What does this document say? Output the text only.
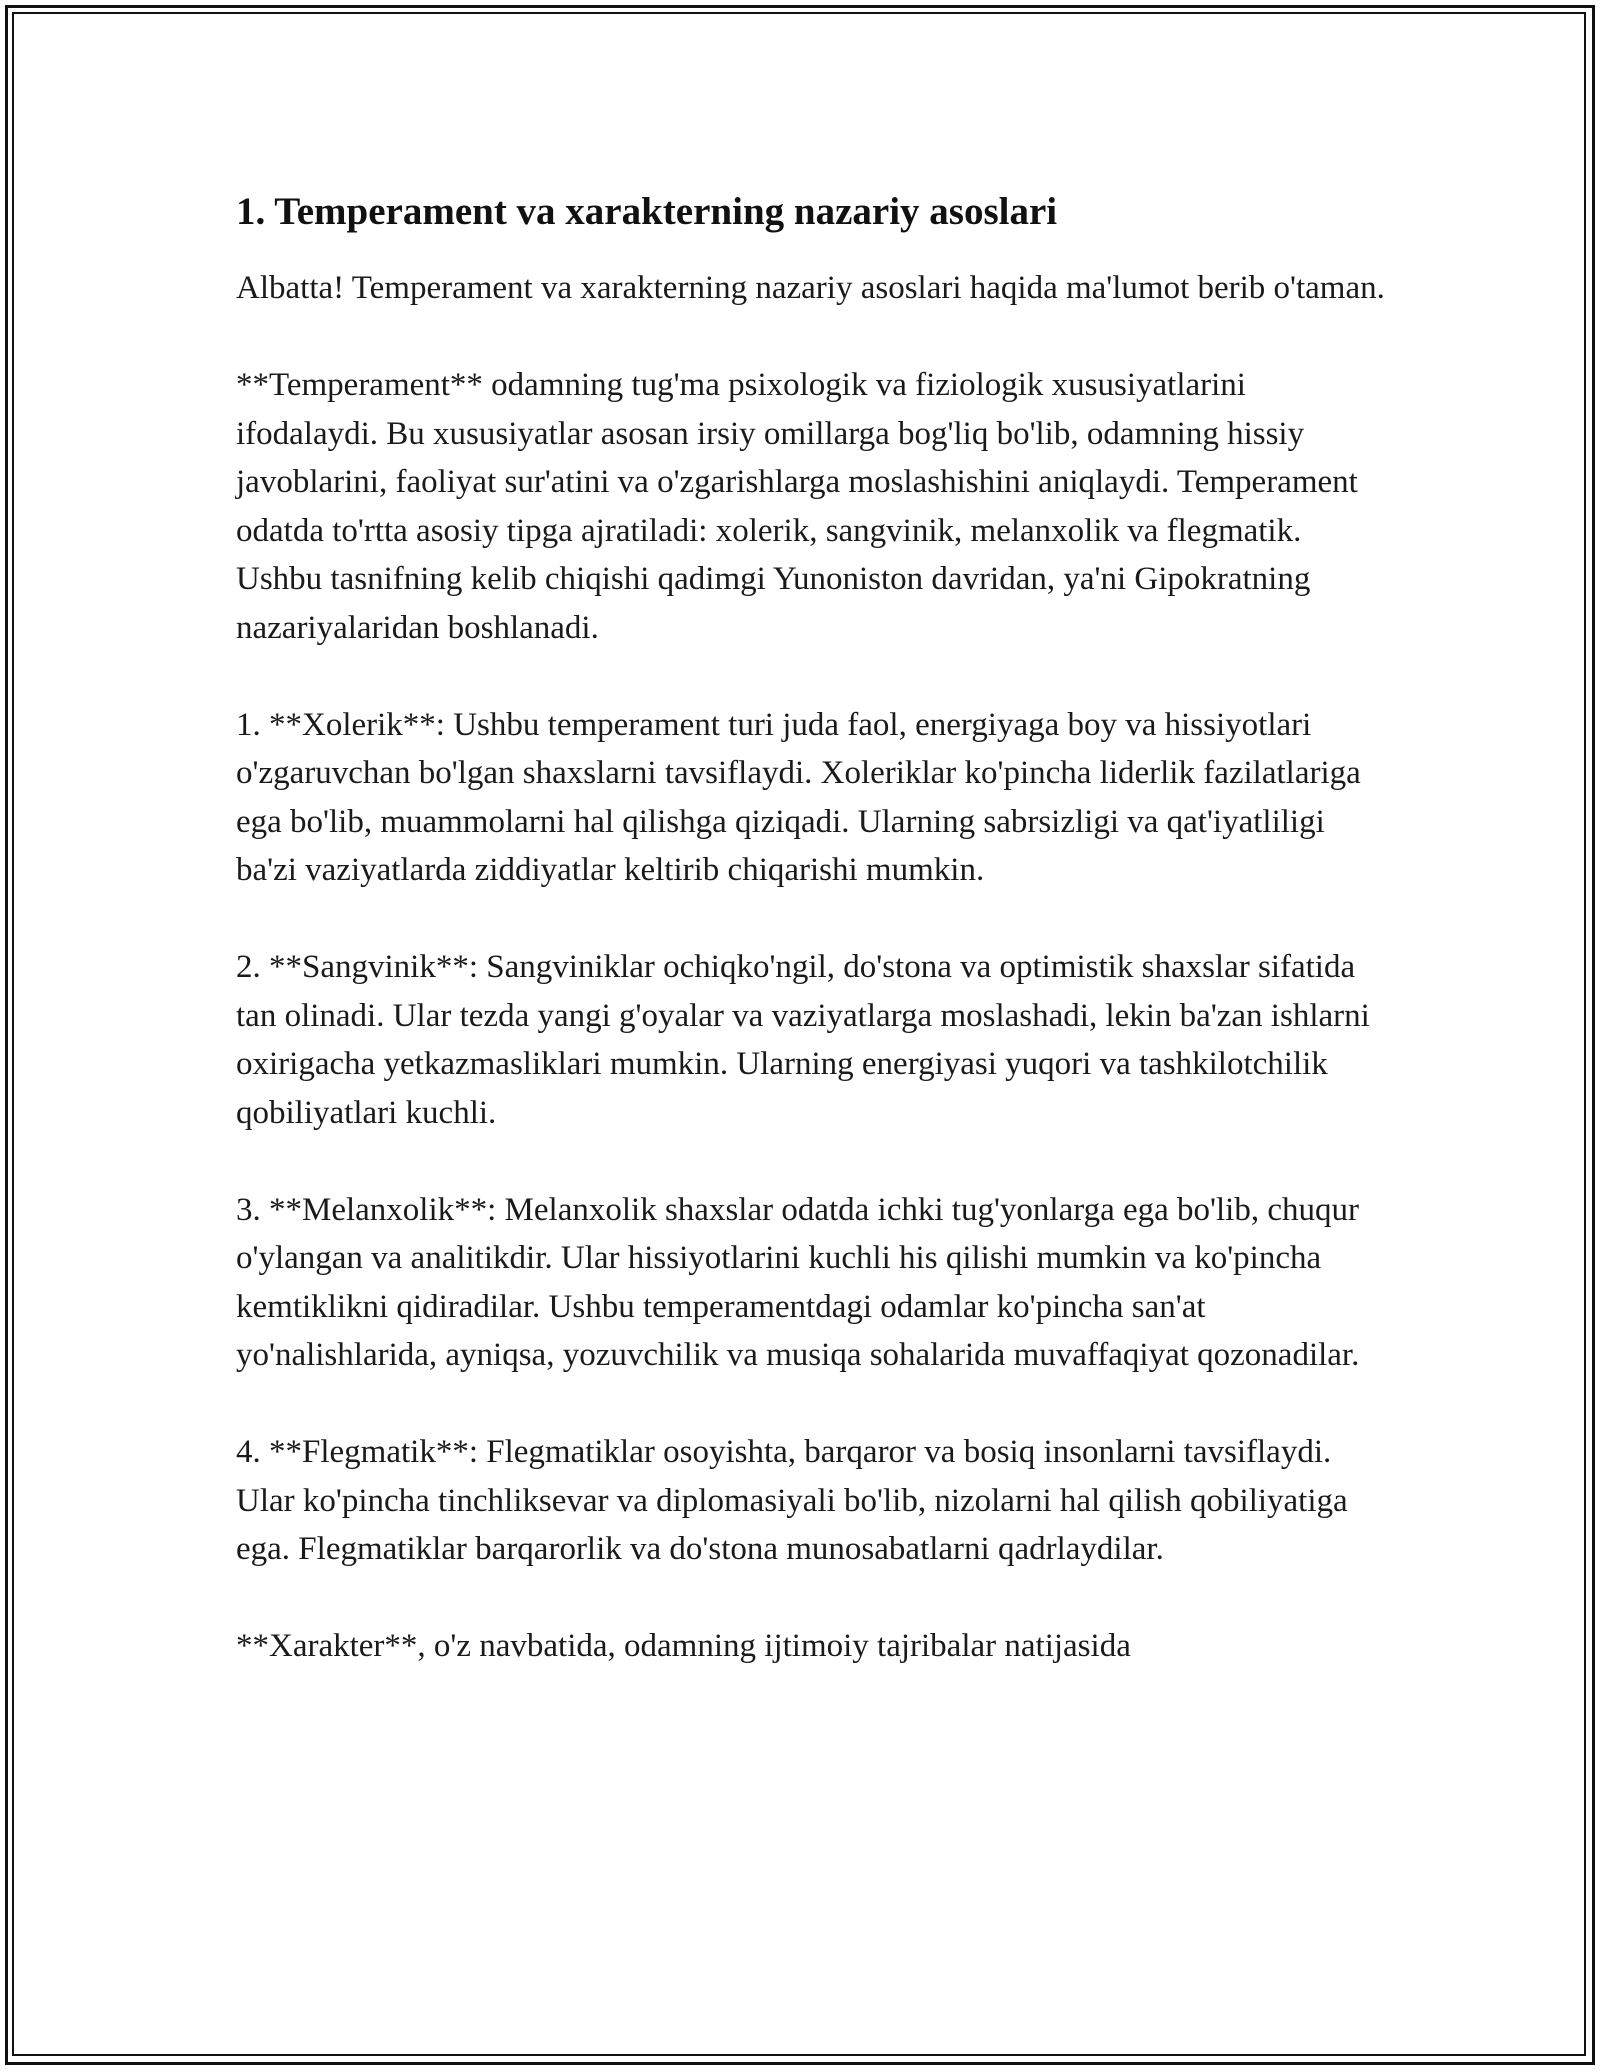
1. Temperament va xarakterning nazariy asoslari

Albatta! Temperament va xarakterning nazariy asoslari haqida ma'lumot berib o'taman.

**Temperament** odamning tug'ma psixologik va fiziologik xususiyatlarini ifodalaydi. Bu xususiyatlar asosan irsiy omillarga bog'liq bo'lib, odamning hissiy javoblarini, faoliyat sur'atini va o'zgarishlarga moslashishini aniqlaydi. Temperament odatda to'rtta asosiy tipga ajratiladi: xolerik, sangvinik, melanxolik va flegmatik. Ushbu tasnifning kelib chiqishi qadimgi Yunoniston davridan, ya'ni Gipokratning nazariyalaridan boshlanadi.

1. **Xolerik**: Ushbu temperament turi juda faol, energiyaga boy va hissiyotlari o'zgaruvchan bo'lgan shaxslarni tavsiflaydi. Xoleriklar ko'pincha liderlik fazilatlariga ega bo'lib, muammolarni hal qilishga qiziqadi. Ularning sabrsizligi va qat'iyatliligi ba'zi vaziyatlarda ziddiyatlar keltirib chiqarishi mumkin.

2. **Sangvinik**: Sangviniklar ochiqko'ngil, do'stona va optimistik shaxslar sifatida tan olinadi. Ular tezda yangi g'oyalar va vaziyatlarga moslashadi, lekin ba'zan ishlarni oxirigacha yetkazmasliklari mumkin. Ularning energiyasi yuqori va tashkilotchilik qobiliyatlari kuchli.

3. **Melanxolik**: Melanxolik shaxslar odatda ichki tug'yonlarga ega bo'lib, chuqur o'ylangan va analitikdir. Ular hissiyotlarini kuchli his qilishi mumkin va ko'pincha kemtiklikni qidiradilar. Ushbu temperamentdagi odamlar ko'pincha san'at yo'nalishlarida, ayniqsa, yozuvchilik va musiqa sohalarida muvaffaqiyat qozonadilar.

4. **Flegmatik**: Flegmatiklar osoyishta, barqaror va bosiq insonlarni tavsiflaydi. Ular ko'pincha tinchliksevar va diplomasiyali bo'lib, nizolarni hal qilish qobiliyatiga ega. Flegmatiklar barqarorlik va do'stona munosabatlarni qadrlaydilar.

**Xarakter**, o'z navbatida, odamning ijtimoiy tajribalar natijasida
